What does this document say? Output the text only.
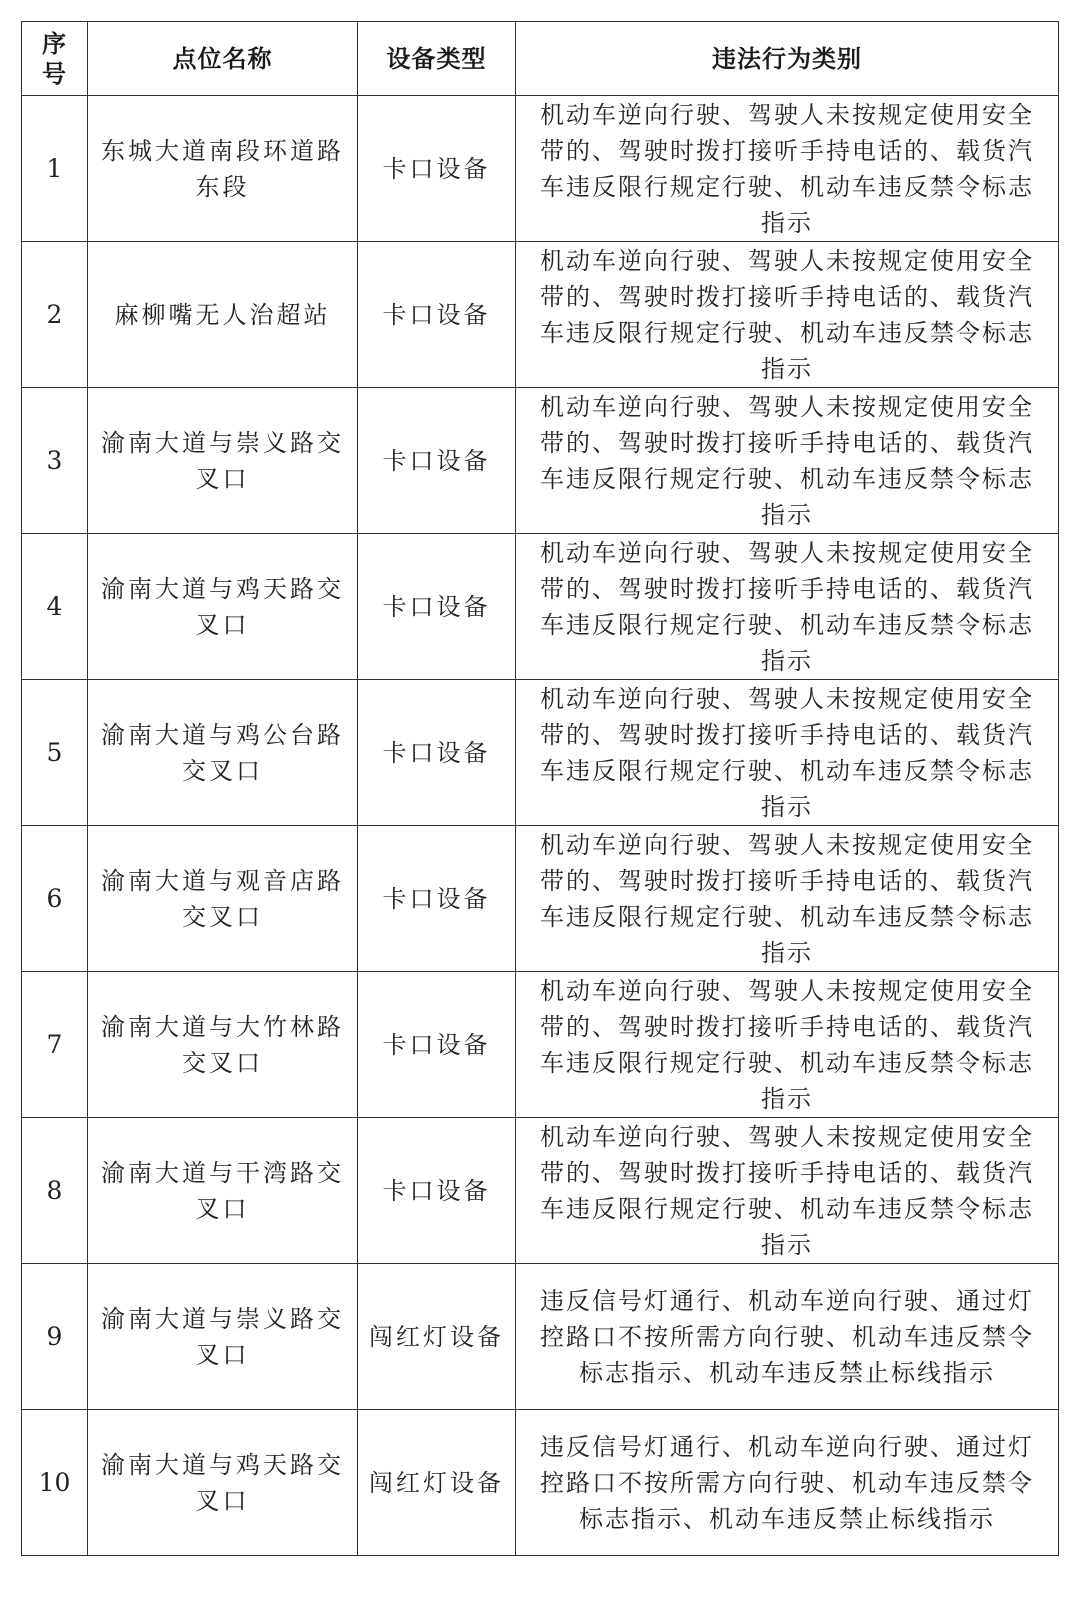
序号	点位名称	设备类型	违法行为类别
1	东城大道南段环道路东段	卡口设备	机动车逆向行驶、驾驶人未按规定使用安全带的、驾驶时拨打接听手持电话的、载货汽车违反限行规定行驶、机动车违反禁令标志指示
2	麻柳嘴无人治超站	卡口设备	机动车逆向行驶、驾驶人未按规定使用安全带的、驾驶时拨打接听手持电话的、载货汽车违反限行规定行驶、机动车违反禁令标志指示
3	渝南大道与崇义路交叉口	卡口设备	机动车逆向行驶、驾驶人未按规定使用安全带的、驾驶时拨打接听手持电话的、载货汽车违反限行规定行驶、机动车违反禁令标志指示
4	渝南大道与鸡天路交叉口	卡口设备	机动车逆向行驶、驾驶人未按规定使用安全带的、驾驶时拨打接听手持电话的、载货汽车违反限行规定行驶、机动车违反禁令标志指示
5	渝南大道与鸡公台路交叉口	卡口设备	机动车逆向行驶、驾驶人未按规定使用安全带的、驾驶时拨打接听手持电话的、载货汽车违反限行规定行驶、机动车违反禁令标志指示
6	渝南大道与观音店路交叉口	卡口设备	机动车逆向行驶、驾驶人未按规定使用安全带的、驾驶时拨打接听手持电话的、载货汽车违反限行规定行驶、机动车违反禁令标志指示
7	渝南大道与大竹林路交叉口	卡口设备	机动车逆向行驶、驾驶人未按规定使用安全带的、驾驶时拨打接听手持电话的、载货汽车违反限行规定行驶、机动车违反禁令标志指示
8	渝南大道与干湾路交叉口	卡口设备	机动车逆向行驶、驾驶人未按规定使用安全带的、驾驶时拨打接听手持电话的、载货汽车违反限行规定行驶、机动车违反禁令标志指示
9	渝南大道与崇义路交叉口	闯红灯设备	违反信号灯通行、机动车逆向行驶、通过灯控路口不按所需方向行驶、机动车违反禁令标志指示、机动车违反禁止标线指示
10	渝南大道与鸡天路交叉口	闯红灯设备	违反信号灯通行、机动车逆向行驶、通过灯控路口不按所需方向行驶、机动车违反禁令标志指示、机动车违反禁止标线指示
